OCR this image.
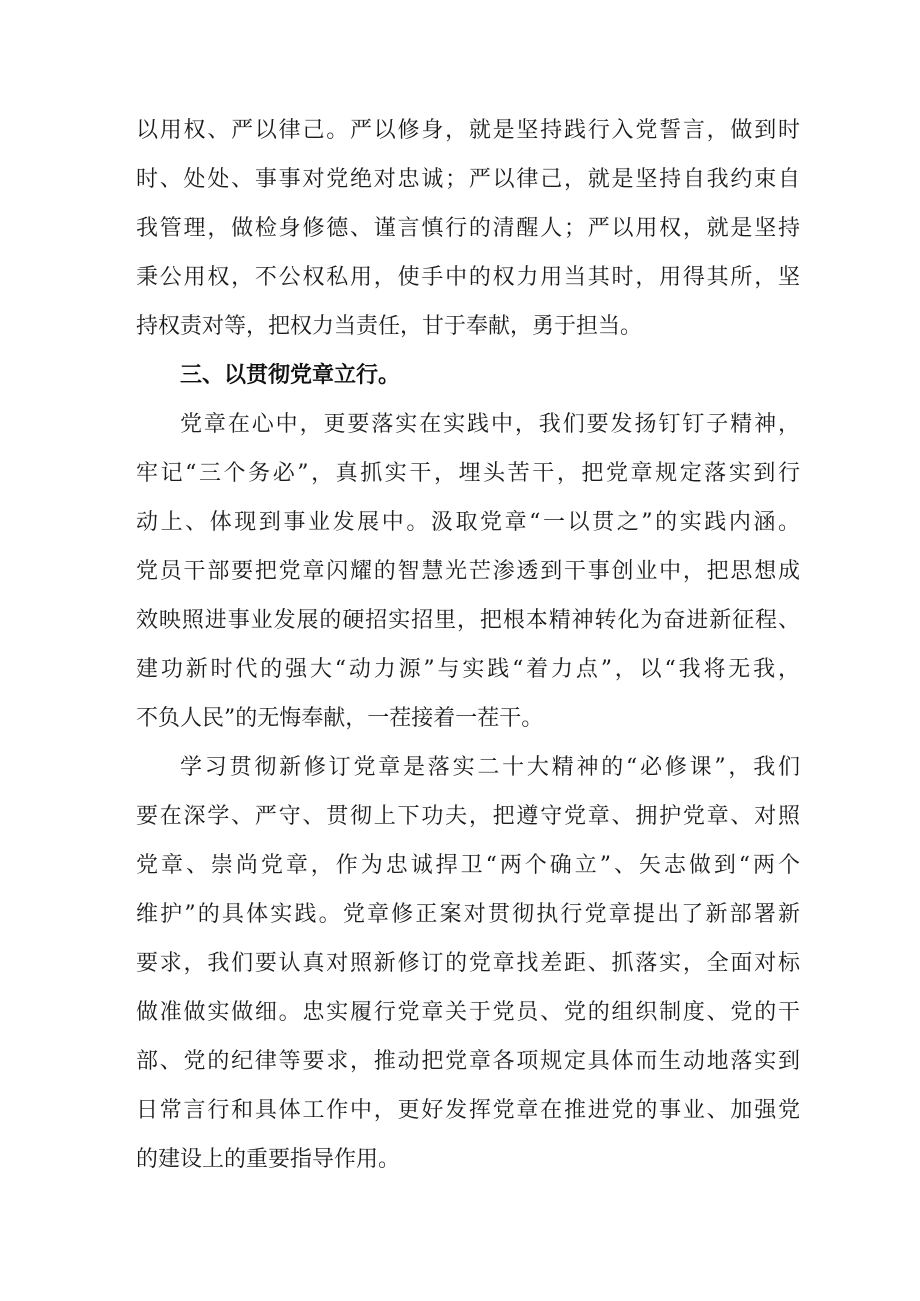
以用权、严以律己。严以修身，就是坚持践行入党誓言，做到时
时、处处、事事对党绝对忠诚；严以律己，就是坚持自我约束自
我管理，做检身修德、谨言慎行的清醒人；严以用权，就是坚持
秉公用权，不公权私用，使手中的权力用当其时，用得其所，坚
持权责对等，把权力当责任，甘于奉献，勇于担当。
三、以贯彻党章立行。
党章在心中，更要落实在实践中，我们要发扬钉钉子精神，
牢记“三个务必”，真抓实干，埋头苦干，把党章规定落实到行
动上、体现到事业发展中。汲取党章“一以贯之”的实践内涵。
党员干部要把党章闪耀的智慧光芒渗透到干事创业中，把思想成
效映照进事业发展的硬招实招里，把根本精神转化为奋进新征程、
建功新时代的强大“动力源”与实践“着力点”，以“我将无我，
不负人民”的无悔奉献，一茬接着一茬干。
学习贯彻新修订党章是落实二十大精神的“必修课”，我们
要在深学、严守、贯彻上下功夫，把遵守党章、拥护党章、对照
党章、崇尚党章，作为忠诚捍卫“两个确立”、矢志做到“两个
维护”的具体实践。党章修正案对贯彻执行党章提出了新部署新
要求，我们要认真对照新修订的党章找差距、抓落实，全面对标
做准做实做细。忠实履行党章关于党员、党的组织制度、党的干
部、党的纪律等要求，推动把党章各项规定具体而生动地落实到
日常言行和具体工作中，更好发挥党章在推进党的事业、加强党
的建设上的重要指导作用。
